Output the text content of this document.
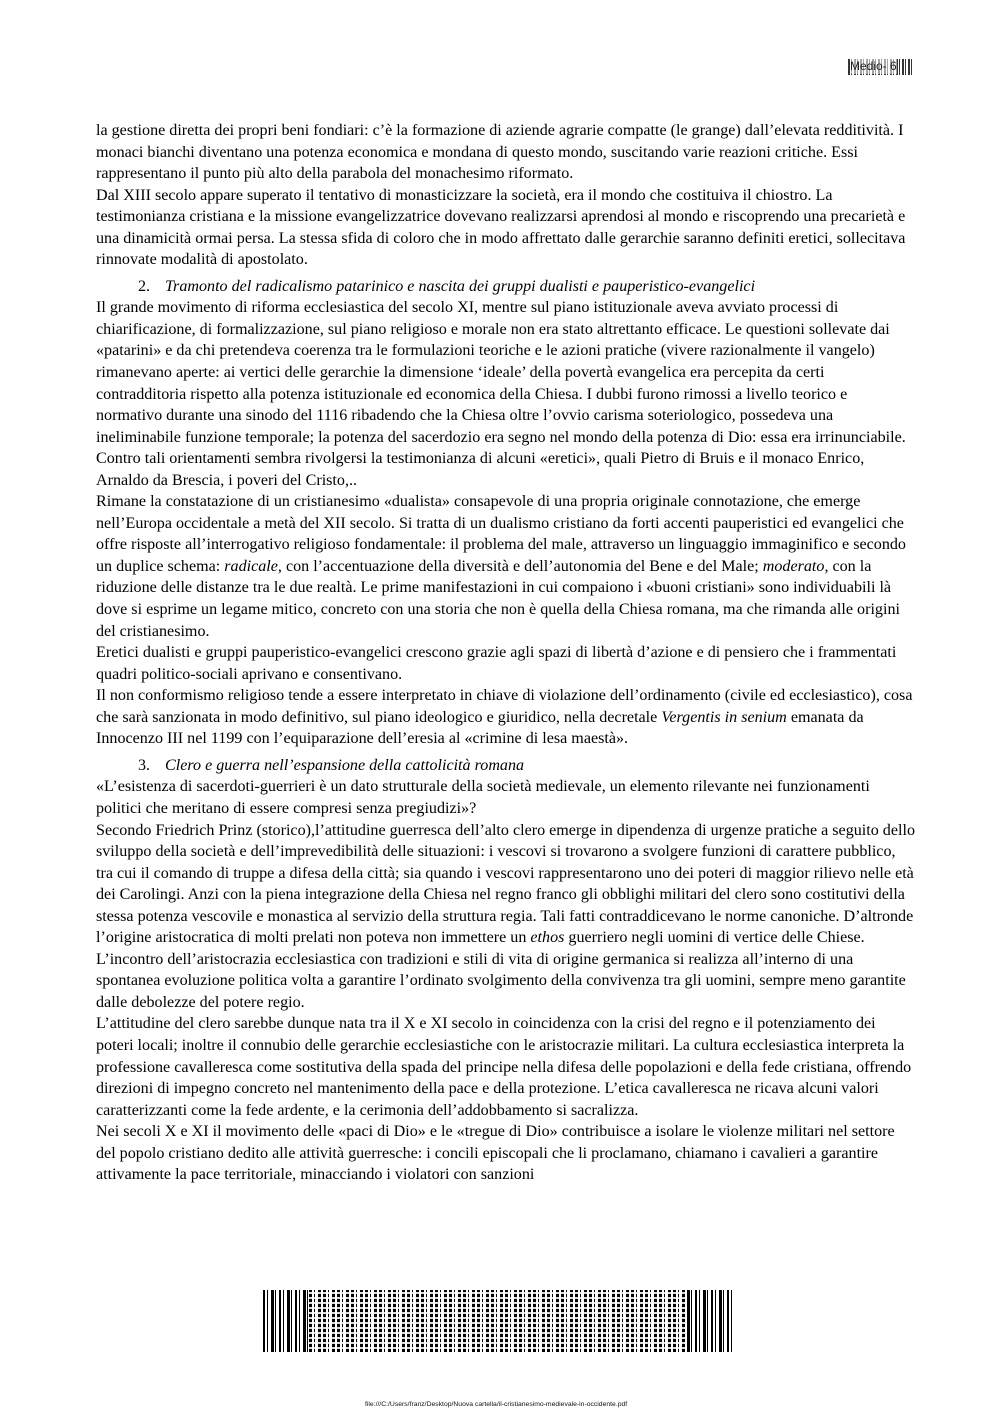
Medio- 6

la gestione diretta dei propri beni fondiari: c’è la formazione di aziende agrarie compatte (le grange) dall’elevata redditività. I monaci bianchi diventano una potenza economica e mondana di questo mondo, suscitando varie reazioni critiche. Essi rappresentano il punto più alto della parabola del monachesimo riformato.

Dal XIII secolo appare superato il tentativo di monasticizzare la società, era il mondo che costituiva il chiostro. La testimonianza cristiana e la missione evangelizzatrice dovevano realizzarsi aprendosi al mondo e riscoprendo una precarietà e una dinamicità ormai persa. La stessa sfida di coloro che in modo affrettato dalle gerarchie saranno definiti eretici, sollecitava rinnovate modalità di apostolato.

2. Tramonto del radicalismo patarinico e nascita dei gruppi dualisti e pauperistico-evangelici

Il grande movimento di riforma ecclesiastica del secolo XI, mentre sul piano istituzionale aveva avviato processi di chiarificazione, di formalizzazione, sul piano religioso e morale non era stato altrettanto efficace. Le questioni sollevate dai «patarini» e da chi pretendeva coerenza tra le formulazioni teoriche e le azioni pratiche (vivere razionalmente il vangelo) rimanevano aperte: ai vertici delle gerarchie la dimensione ‘ideale’ della povertà evangelica era percepita da certi contradditoria rispetto alla potenza istituzionale ed economica della Chiesa. I dubbi furono rimossi a livello teorico e normativo durante una sinodo del 1116 ribadendo che la Chiesa oltre l’ovvio carisma soteriologico, possedeva una ineliminabile funzione temporale; la potenza del sacerdozio era segno nel mondo della potenza di Dio: essa era irrinunciabile.

Contro tali orientamenti sembra rivolgersi la testimonianza di alcuni «eretici», quali Pietro di Bruis e il monaco Enrico, Arnaldo da Brescia, i poveri del Cristo,..

Rimane la constatazione di un cristianesimo «dualista» consapevole di una propria originale connotazione, che emerge nell’Europa occidentale a metà del XII secolo. Si tratta di un dualismo cristiano da forti accenti pauperistici ed evangelici che offre risposte all’interrogativo religioso fondamentale: il problema del male, attraverso un linguaggio immaginifico e secondo un duplice schema: radicale, con l’accentuazione della diversità e dell’autonomia del Bene e del Male; moderato, con la riduzione delle distanze tra le due realtà. Le prime manifestazioni in cui compaiono i «buoni cristiani» sono individuabili là dove si esprime un legame mitico, concreto con una storia che non è quella della Chiesa romana, ma che rimanda alle origini del cristianesimo.

Eretici dualisti e gruppi pauperistico-evangelici crescono grazie agli spazi di libertà d’azione e di pensiero che i frammentati quadri politico-sociali aprivano e consentivano.

Il non conformismo religioso tende a essere interpretato in chiave di violazione dell’ordinamento (civile ed ecclesiastico), cosa che sarà sanzionata in modo definitivo, sul piano ideologico e giuridico, nella decretale Vergentis in senium emanata da Innocenzo III nel 1199 con l’equiparazione dell’eresia al «crimine di lesa maestà».

3. Clero e guerra nell’espansione della cattolicità romana

«L’esistenza di sacerdoti-guerrieri è un dato strutturale della società medievale, un elemento rilevante nei funzionamenti politici che meritano di essere compresi senza pregiudizi»?

Secondo Friedrich Prinz (storico),l’attitudine guerresca dell’alto clero emerge in dipendenza di urgenze pratiche a seguito dello sviluppo della società e dell’imprevedibilità delle situazioni: i vescovi si trovarono a svolgere funzioni di carattere pubblico, tra cui il comando di truppe a difesa della città; sia quando i vescovi rappresentarono uno dei poteri di maggior rilievo nelle età dei Carolingi. Anzi con la piena integrazione della Chiesa nel regno franco gli obblighi militari del clero sono costitutivi della stessa potenza vescovile e monastica al servizio della struttura regia. Tali fatti contraddicevano le norme canoniche. D’altronde l’origine aristocratica di molti prelati non poteva non immettere un ethos guerriero negli uomini di vertice delle Chiese. L’incontro dell’aristocrazia ecclesiastica con tradizioni e stili di vita di origine germanica si realizza all’interno di una spontanea evoluzione politica volta a garantire l’ordinato svolgimento della convivenza tra gli uomini, sempre meno garantite dalle debolezze del potere regio.

L’attitudine del clero sarebbe dunque nata tra il X e XI secolo in coincidenza con la crisi del regno e il potenziamento dei poteri locali; inoltre il connubio delle gerarchie ecclesiastiche con le aristocrazie militari. La cultura ecclesiastica interpreta la professione cavalleresca come sostitutiva della spada del principe nella difesa delle popolazioni e della fede cristiana, offrendo direzioni di impegno concreto nel mantenimento della pace e della protezione. L’etica cavalleresca ne ricava alcuni valori caratterizzanti come la fede ardente, e la cerimonia dell’addobbamento si sacralizza.

Nei secoli X e XI il movimento delle «paci di Dio» e le «tregue di Dio» contribuisce a isolare le violenze militari nel settore del popolo cristiano dedito alle attività guerresche: i concili episcopali che li proclamano, chiamano i cavalieri a garantire attivamente la pace territoriale, minacciando i violatori con sanzioni

file:///C:/Users/franz/Desktop/Nuova cartella/il-cristianesimo-medievale-in-occidente.pdf
